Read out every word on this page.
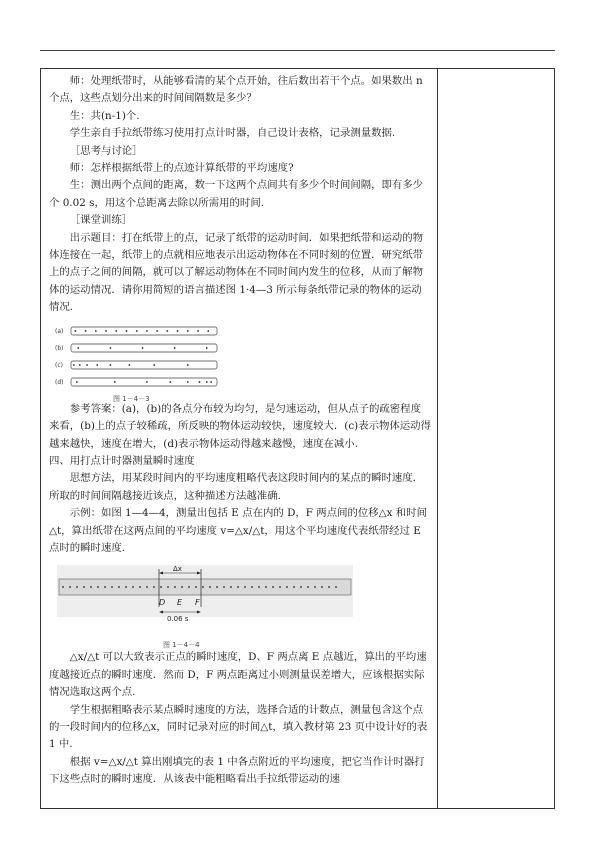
师：处理纸带时，从能够看清的某个点开始，往后数出若干个点。如果数出 n 个点，这些点划分出来的时间间隔数是多少？

生：共(n-1)个.

学生亲自手拉纸带练习使用打点计时器，自己设计表格，记录测量数据.

［思考与讨论］

师：怎样根据纸带上的点迹计算纸带的平均速度?

生：测出两个点间的距离，数一下这两个点间共有多少个时间间隔，即有多少个 0.02 s，用这个总距离去除以所需用的时间.

［课堂训练］

出示题目：打在纸带上的点，记录了纸带的运动时间．如果把纸带和运动的物体连接在一起，纸带上的点就相应地表示出运动物体在不同时刻的位置．研究纸带上的点子之间的间隔，就可以了解运动物体在不同时间内发生的位移，从而了解物体的运动情况．请你用简短的语言描述图 1·4—3 所示每条纸带记录的物体的运动情况.

(a)
(b)
(c)
(d)
图 1－4－3

参考答案：(a)，(b)的各点分布较为均匀，是匀速运动，但从点子的疏密程度来看，(b)上的点子较稀疏，所反映的物体运动较快，速度较大．(c)表示物体运动得越来越快，速度在增大，(d)表示物体运动得越来越慢，速度在减小.

四、用打点计时器测量瞬时速度

思想方法，用某段时间内的平均速度粗略代表这段时间内的某点的瞬时速度．所取的时间间隔越接近该点，这种描述方法越准确.

示例：如图 1—4—4，测量出包括 E 点在内的 D，F 两点间的位移△x 和时间△t，算出纸带在这两点间的平均速度 v=△x/△t，用这个平均速度代表纸带经过 E 点时的瞬时速度.

Δx
D E F
0.06 s
图 1－4－4

△x/△t 可以大致表示正点的瞬时速度，D、F 两点离 E 点越近，算出的平均速度越接近点的瞬时速度．然而 D，F 两点距离过小则测量误差增大，应该根据实际情况选取这两个点.

学生根据粗略表示某点瞬时速度的方法，选择合适的计数点，测量包含这个点的一段时间内的位移△x，同时记录对应的时间△t，填入教材第 23 页中设计好的表 1 中.

根据 v=△x/△t 算出刚填完的表 1 中各点附近的平均速度，把它当作计时器打下这些点时的瞬时速度．从该表中能粗略看出手拉纸带运动的速
